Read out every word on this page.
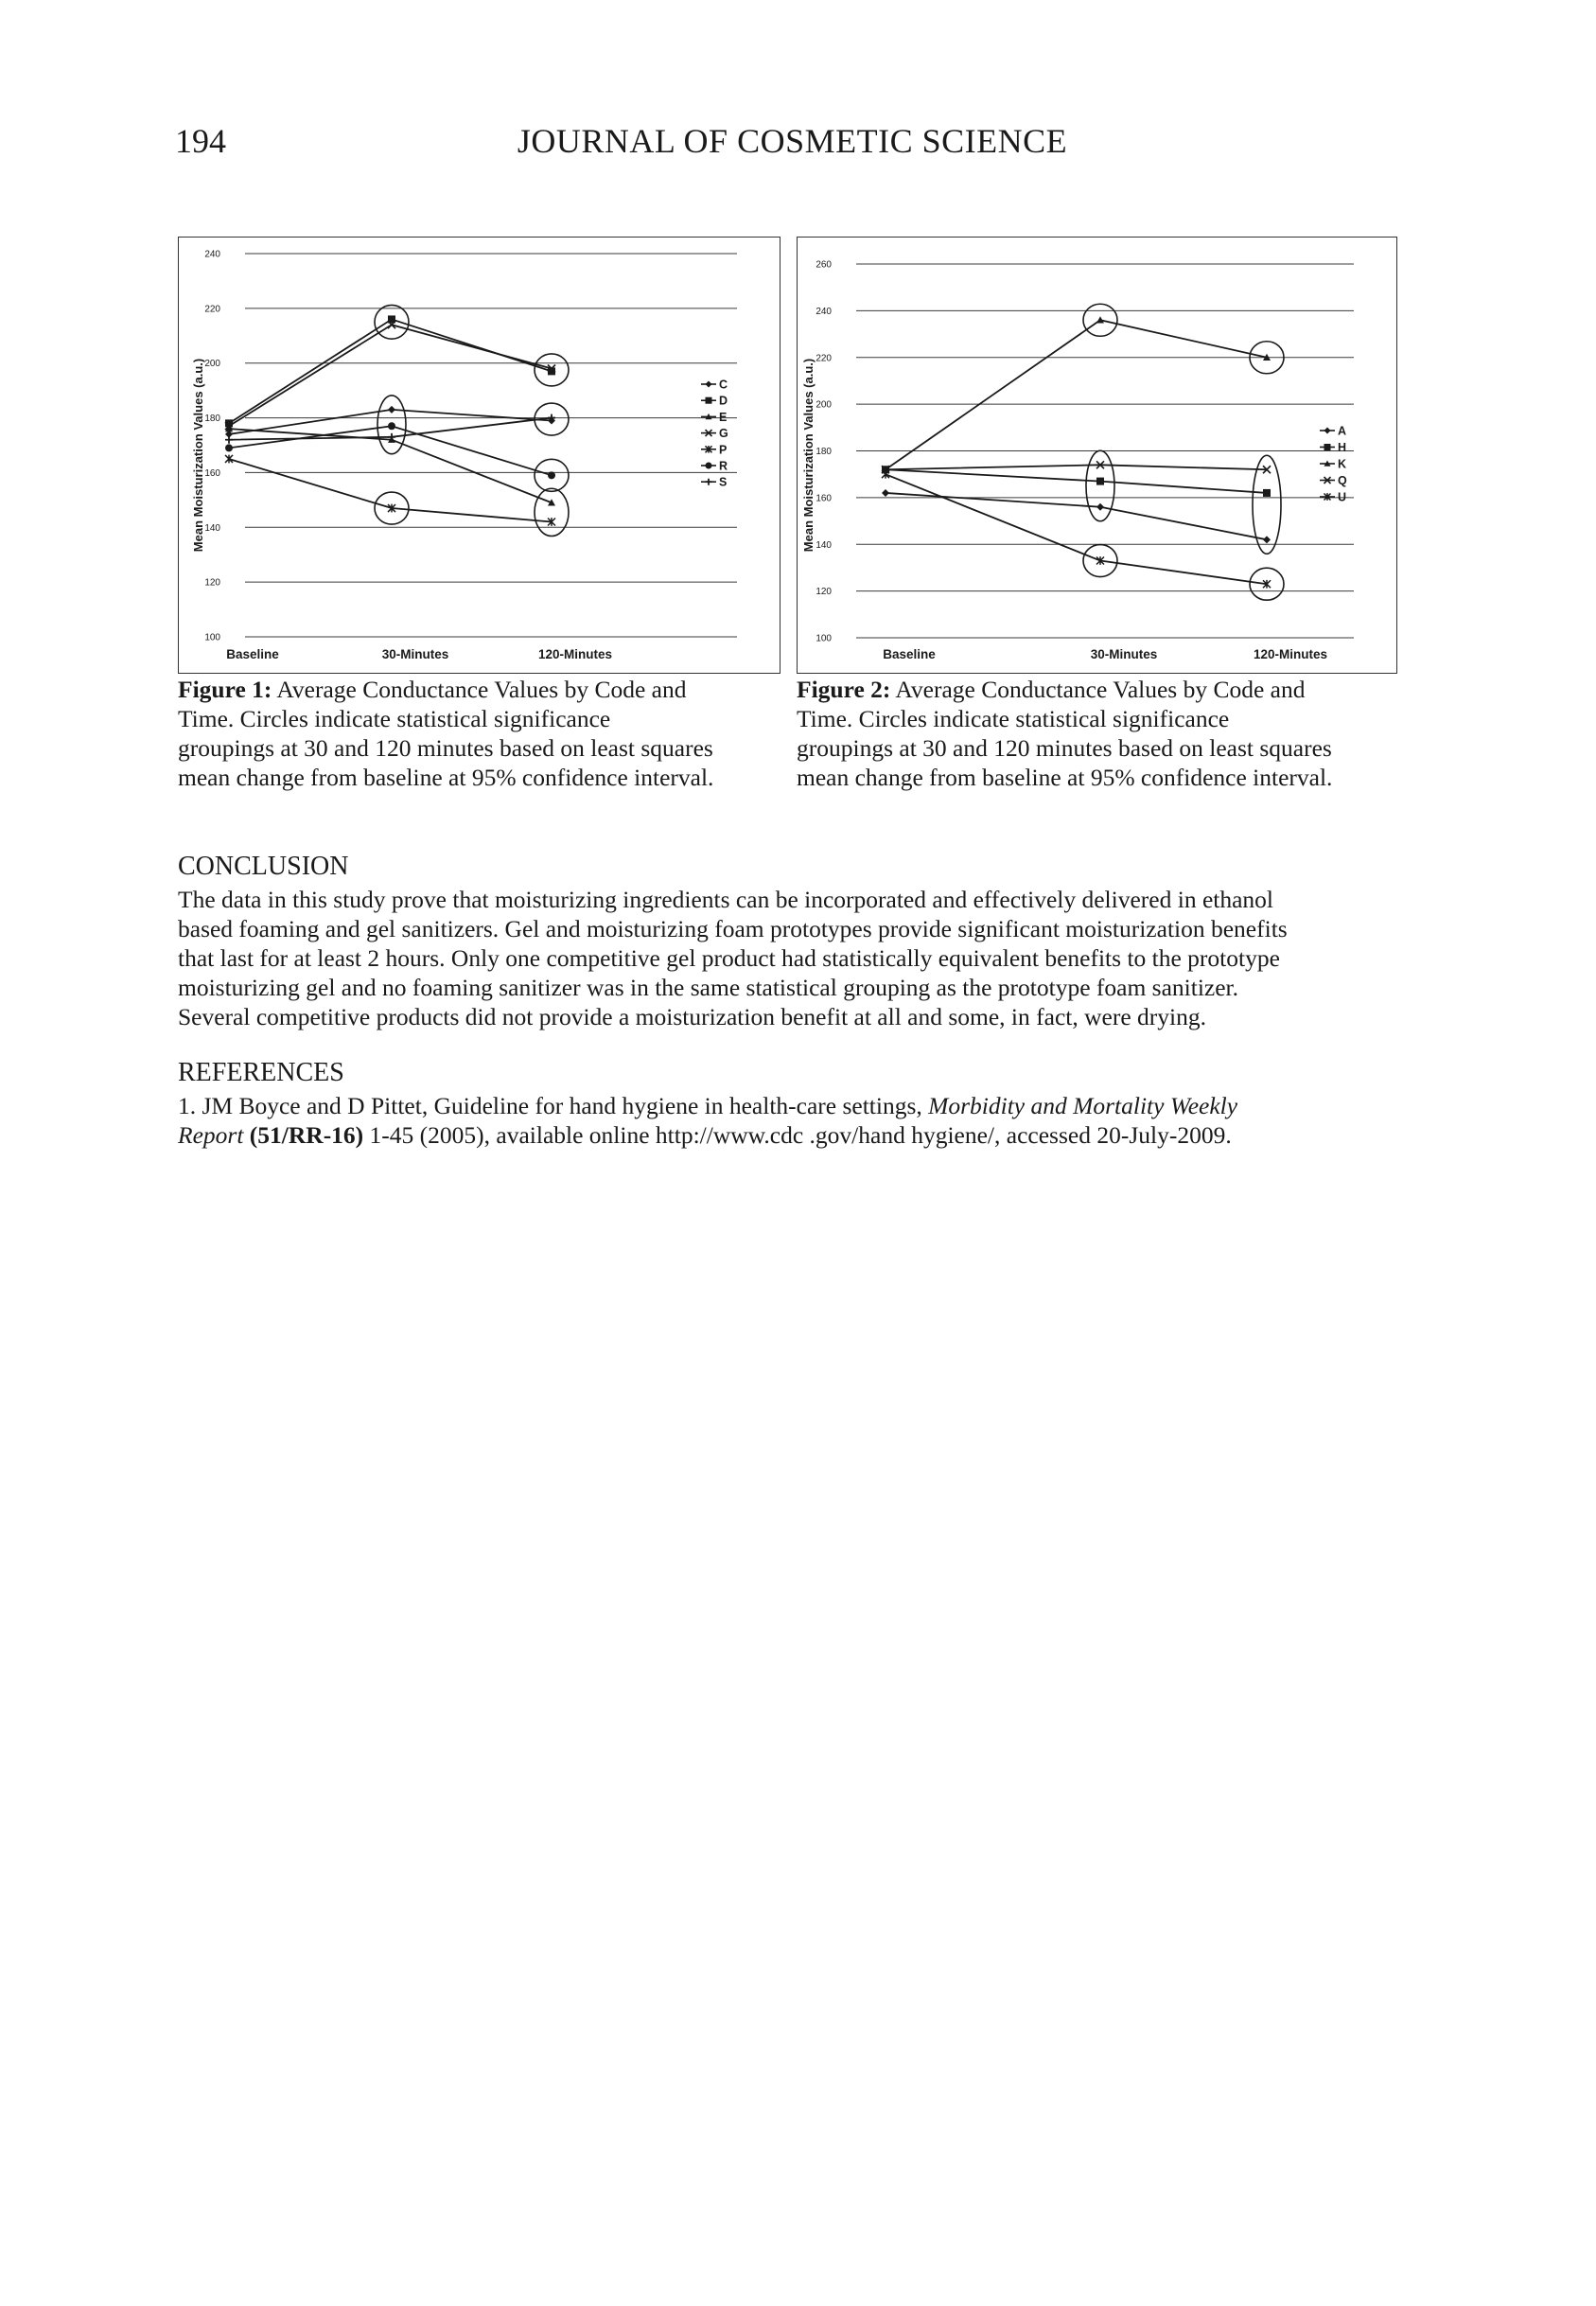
194	JOURNAL OF COSMETIC SCIENCE
100
120
140
160
180
200
220
240
Mean Moisturization Values (a.u.)
Baseline	30-Minutes	120-Minutes
C
D
E
G
P
R
S
100
120
140
160
180
200
220
240
260
Mean Moisturization Values (a.u.)
Baseline	30-Minutes	120-Minutes
A
H
K
Q
U
Figure 1: Average Conductance Values by Code and
Time. Circles indicate statistical significance
groupings at 30 and 120 minutes based on least squares
mean change from baseline at 95% confidence interval.
Figure 2: Average Conductance Values by Code and
Time. Circles indicate statistical significance
groupings at 30 and 120 minutes based on least squares
mean change from baseline at 95% confidence interval.
CONCLUSION
The data in this study prove that moisturizing ingredients can be incorporated and effectively delivered in ethanol
based foaming and gel sanitizers. Gel and moisturizing foam prototypes provide significant moisturization benefits
that last for at least 2 hours. Only one competitive gel product had statistically equivalent benefits to the prototype
moisturizing gel and no foaming sanitizer was in the same statistical grouping as the prototype foam sanitizer.
Several competitive products did not provide a moisturization benefit at all and some, in fact, were drying.
REFERENCES
1. JM Boyce and D Pittet, Guideline for hand hygiene in health-care settings, Morbidity and Mortality Weekly
Report (51/RR-16) 1-45 (2005), available online http://www.cdc .gov/hand hygiene/, accessed 20-July-2009.
